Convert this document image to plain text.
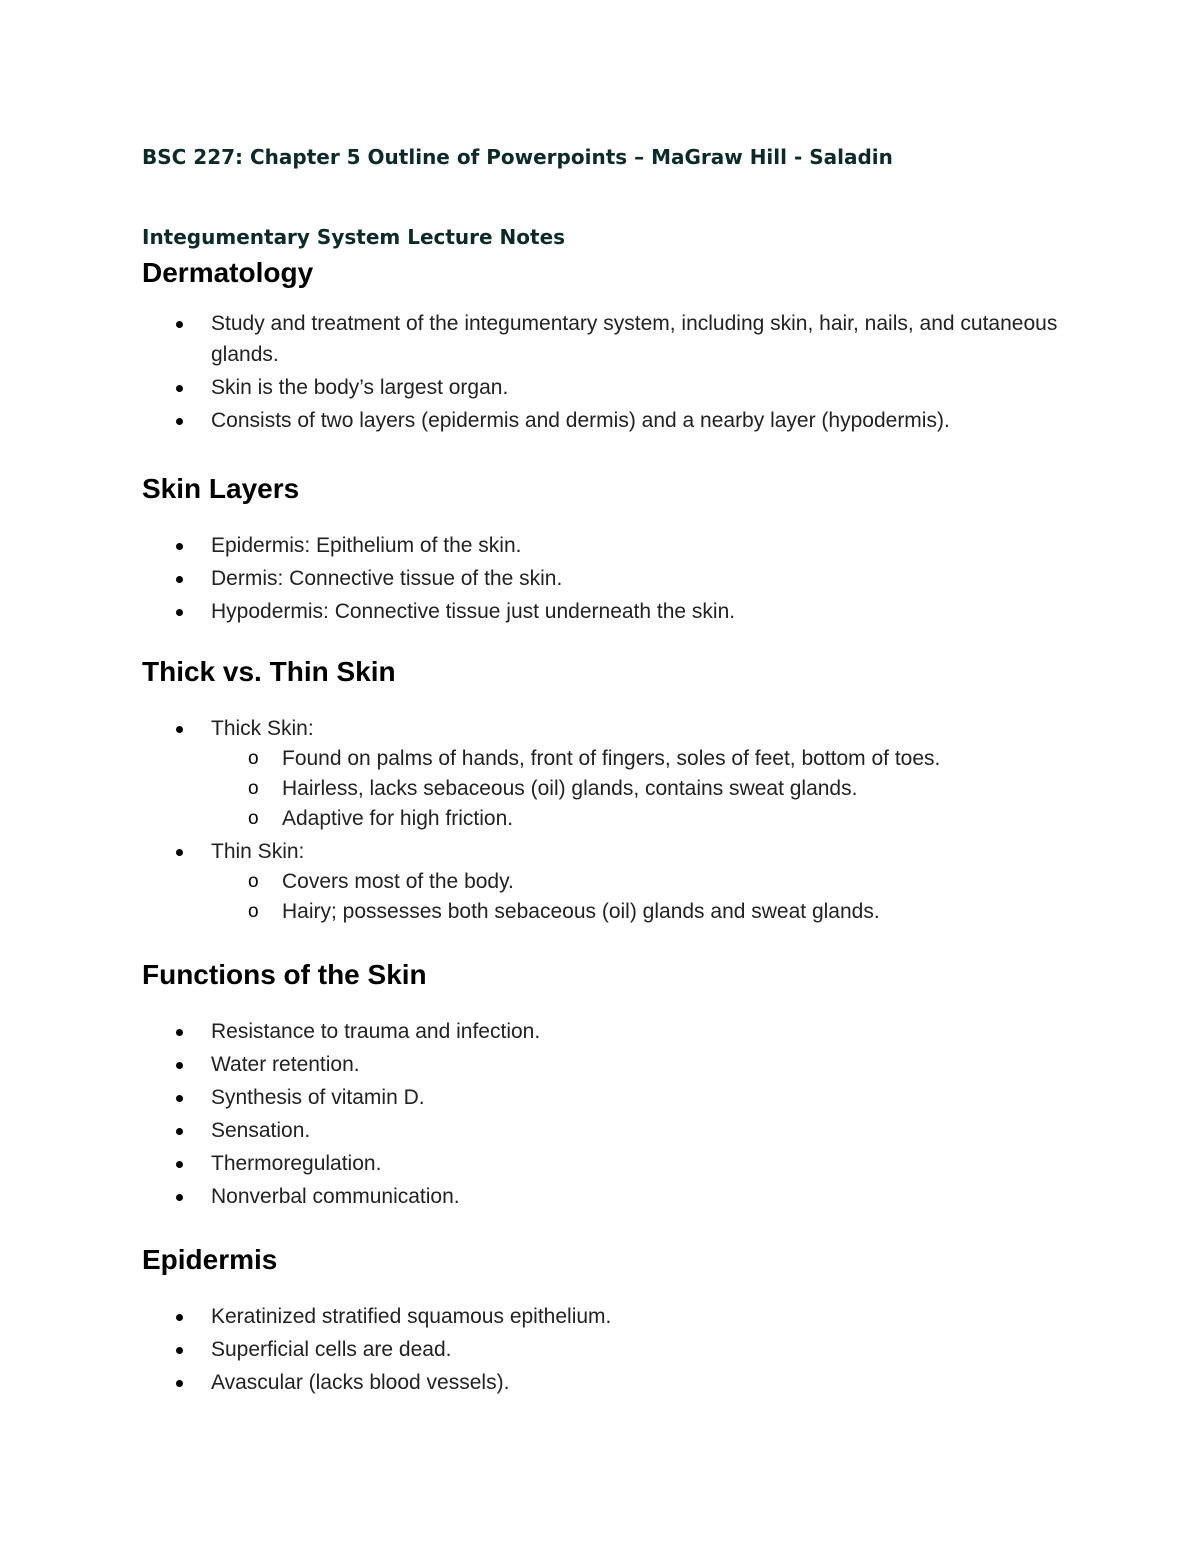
BSC 227: Chapter 5 Outline of Powerpoints – MaGraw Hill - Saladin

Integumentary System Lecture Notes

Dermatology
Study and treatment of the integumentary system, including skin, hair, nails, and cutaneous glands.
Skin is the body’s largest organ.
Consists of two layers (epidermis and dermis) and a nearby layer (hypodermis).
Skin Layers
Epidermis: Epithelium of the skin.
Dermis: Connective tissue of the skin.
Hypodermis: Connective tissue just underneath the skin.
Thick vs. Thin Skin
Thick Skin:
o Found on palms of hands, front of fingers, soles of feet, bottom of toes.
o Hairless, lacks sebaceous (oil) glands, contains sweat glands.
o Adaptive for high friction.
Thin Skin:
o Covers most of the body.
o Hairy; possesses both sebaceous (oil) glands and sweat glands.
Functions of the Skin
Resistance to trauma and infection.
Water retention.
Synthesis of vitamin D.
Sensation.
Thermoregulation.
Nonverbal communication.
Epidermis
Keratinized stratified squamous epithelium.
Superficial cells are dead.
Avascular (lacks blood vessels).
